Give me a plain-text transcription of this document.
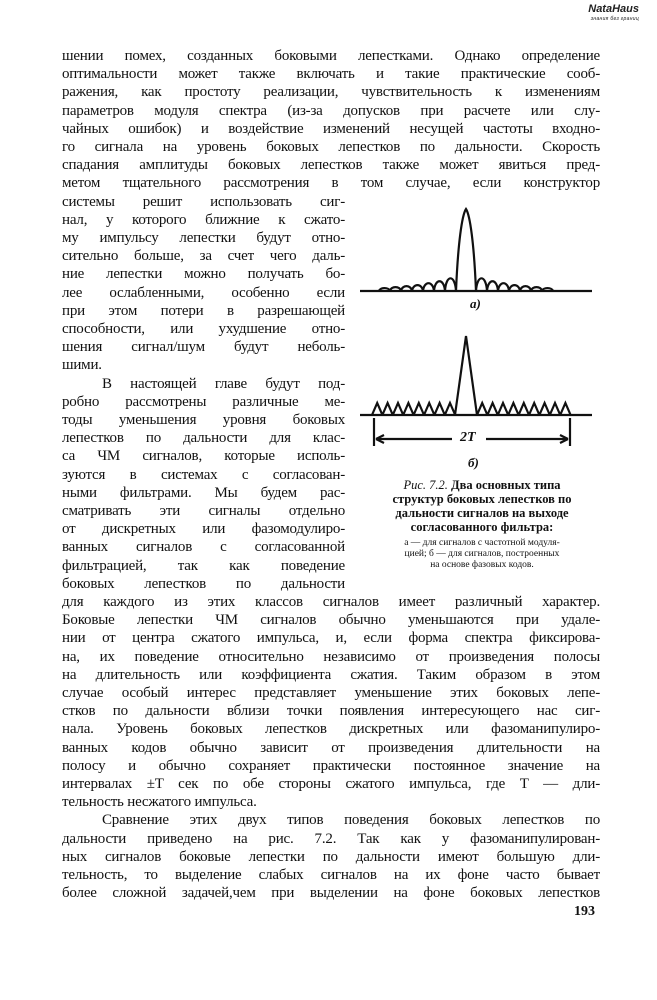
NataHaus
знания без границ
шении помех, созданных боковыми лепестками. Однако определение
оптимальности может также включать и такие практические сооб-
ражения, как простоту реализации, чувствительность к изменениям
параметров модуля спектра (из-за допусков при расчете или слу-
чайных ошибок) и воздействие изменений несущей частоты входно-
го сигнала на уровень боковых лепестков по дальности. Скорость
спадания амплитуды боковых лепестков также может явиться пред-
метом тщательного рассмотрения в том случае, если конструктор
системы решит использовать сиг-
нал, у которого ближние к сжато-
му импульсу лепестки будут отно-
сительно больше, за счет чего даль-
ние лепестки можно получать бо-
лее ослабленными, особенно если
при этом потери в разрешающей
способности, или ухудшение отно-
шения сигнал/шум будут неболь-
шими.
В настоящей главе будут под-
робно рассмотрены различные ме-
тоды уменьшения уровня боковых
лепестков по дальности для клас-
са ЧМ сигналов, которые исполь-
зуются в системах с согласован-
ными фильтрами. Мы будем рас-
сматривать эти сигналы отдельно
от дискретных или фазомодулиро-
ванных сигналов с согласованной
фильтрацией, так как поведение
боковых лепестков по дальности
для каждого из этих классов сигналов имеет различный характер.
Боковые лепестки ЧМ сигналов обычно уменьшаются при удале-
нии от центра сжатого импульса, и, если форма спектра фиксирова-
на, их поведение относительно независимо от произведения полосы
на длительность или коэффициента сжатия. Таким образом в этом
случае особый интерес представляет уменьшение этих боковых лепе-
стков по дальности вблизи точки появления интересующего нас сиг-
нала. Уровень боковых лепестков дискретных или фазоманипулиро-
ванных кодов обычно зависит от произведения длительности на
полосу и обычно сохраняет практически постоянное значение на
интервалах ±T сек по обе стороны сжатого импульса, где T — дли-
тельность несжатого импульса.
Сравнение этих двух типов поведения боковых лепестков по
дальности приведено на рис. 7.2. Так как у фазоманипулирован-
ных сигналов боковые лепестки по дальности имеют большую дли-
а)
2T
б)
Рис. 7.2. Два основных типа
структур боковых лепестков по
дальности сигналов на выходе
согласованного фильтра:
а — для сигналов с частотной модуля-
цией; б — для сигналов, построенных
на основе фазовых кодов.
тельность, то выделение слабых сигналов на их фоне часто бывает
более сложной задачей,чем при выделении на фоне боковых лепестков
193
